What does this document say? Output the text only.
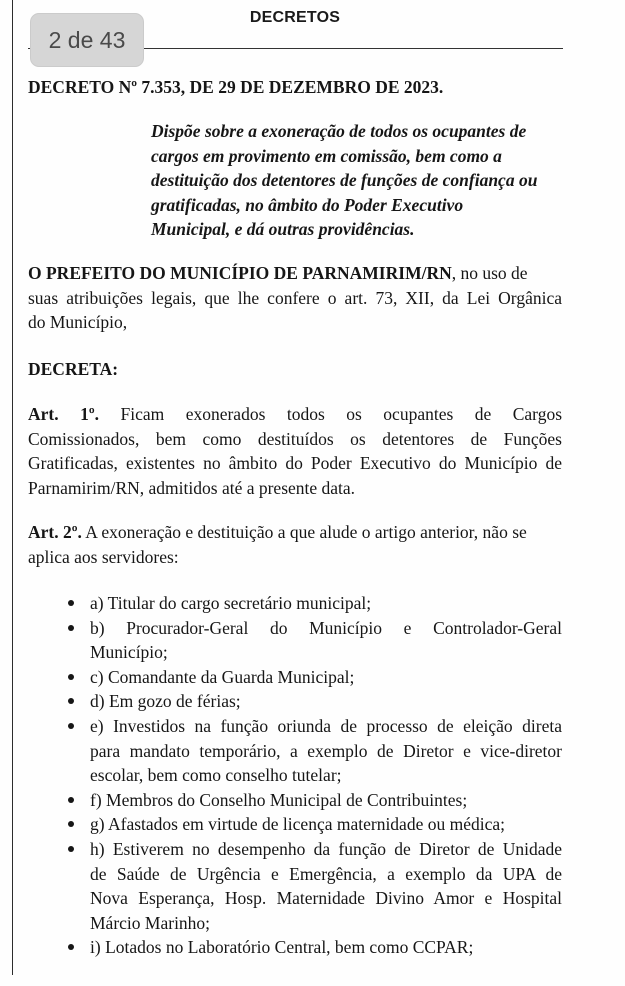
DECRETOS
2 de 43
DECRETO Nº 7.353, DE 29 DE DEZEMBRO DE 2023.
Dispõe sobre a exoneração de todos os ocupantes de
cargos em provimento em comissão, bem como a
destituição dos detentores de funções de confiança ou
gratificadas, no âmbito do Poder Executivo
Municipal, e dá outras providências.
O PREFEITO DO MUNICÍPIO DE PARNAMIRIM/RN, no uso de
suas atribuições legais, que lhe confere o art. 73, XII, da Lei Orgânica
do Município,
DECRETA:
Art. 1º. Ficam exonerados todos os ocupantes de Cargos
Comissionados, bem como destituídos os detentores de Funções
Gratificadas, existentes no âmbito do Poder Executivo do Município de
Parnamirim/RN, admitidos até a presente data.
Art. 2º. A exoneração e destituição a que alude o artigo anterior, não se
aplica aos servidores:
a) Titular do cargo secretário municipal;
b) Procurador-Geral do Município e Controlador-Geral
Município;
c) Comandante da Guarda Municipal;
d) Em gozo de férias;
e) Investidos na função oriunda de processo de eleição direta
para mandato temporário, a exemplo de Diretor e vice-diretor
escolar, bem como conselho tutelar;
f) Membros do Conselho Municipal de Contribuintes;
g) Afastados em virtude de licença maternidade ou médica;
h) Estiverem no desempenho da função de Diretor de Unidade
de Saúde de Urgência e Emergência, a exemplo da UPA de
Nova Esperança, Hosp. Maternidade Divino Amor e Hospital
Márcio Marinho;
i) Lotados no Laboratório Central, bem como CCPAR;
